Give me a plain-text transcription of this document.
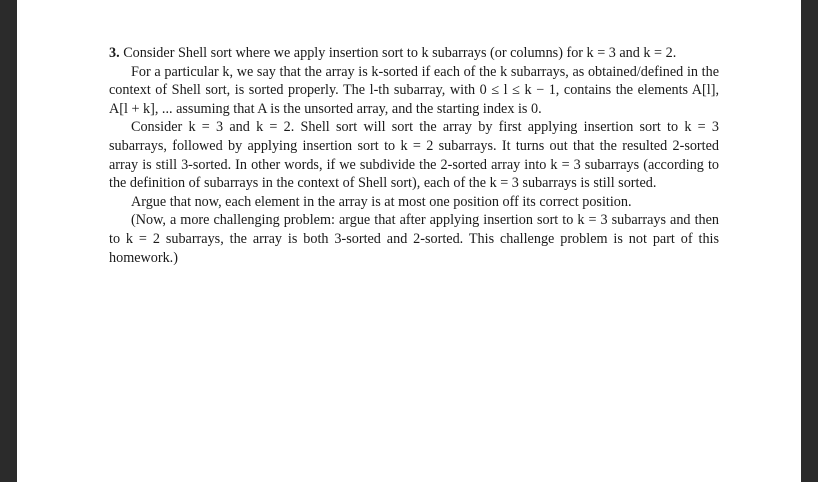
3. Consider Shell sort where we apply insertion sort to k subarrays (or columns) for k = 3 and k = 2.

For a particular k, we say that the array is k-sorted if each of the k subarrays, as obtained/defined in the context of Shell sort, is sorted properly. The l-th subarray, with 0 ≤ l ≤ k − 1, contains the elements A[l], A[l + k], ... assuming that A is the unsorted array, and the starting index is 0.

Consider k = 3 and k = 2. Shell sort will sort the array by first applying insertion sort to k = 3 subarrays, followed by applying insertion sort to k = 2 subarrays. It turns out that the resulted 2-sorted array is still 3-sorted. In other words, if we subdivide the 2-sorted array into k = 3 subarrays (according to the definition of subarrays in the context of Shell sort), each of the k = 3 subarrays is still sorted.

Argue that now, each element in the array is at most one position off its correct position.

(Now, a more challenging problem: argue that after applying insertion sort to k = 3 subarrays and then to k = 2 subarrays, the array is both 3-sorted and 2-sorted. This challenge problem is not part of this homework.)
